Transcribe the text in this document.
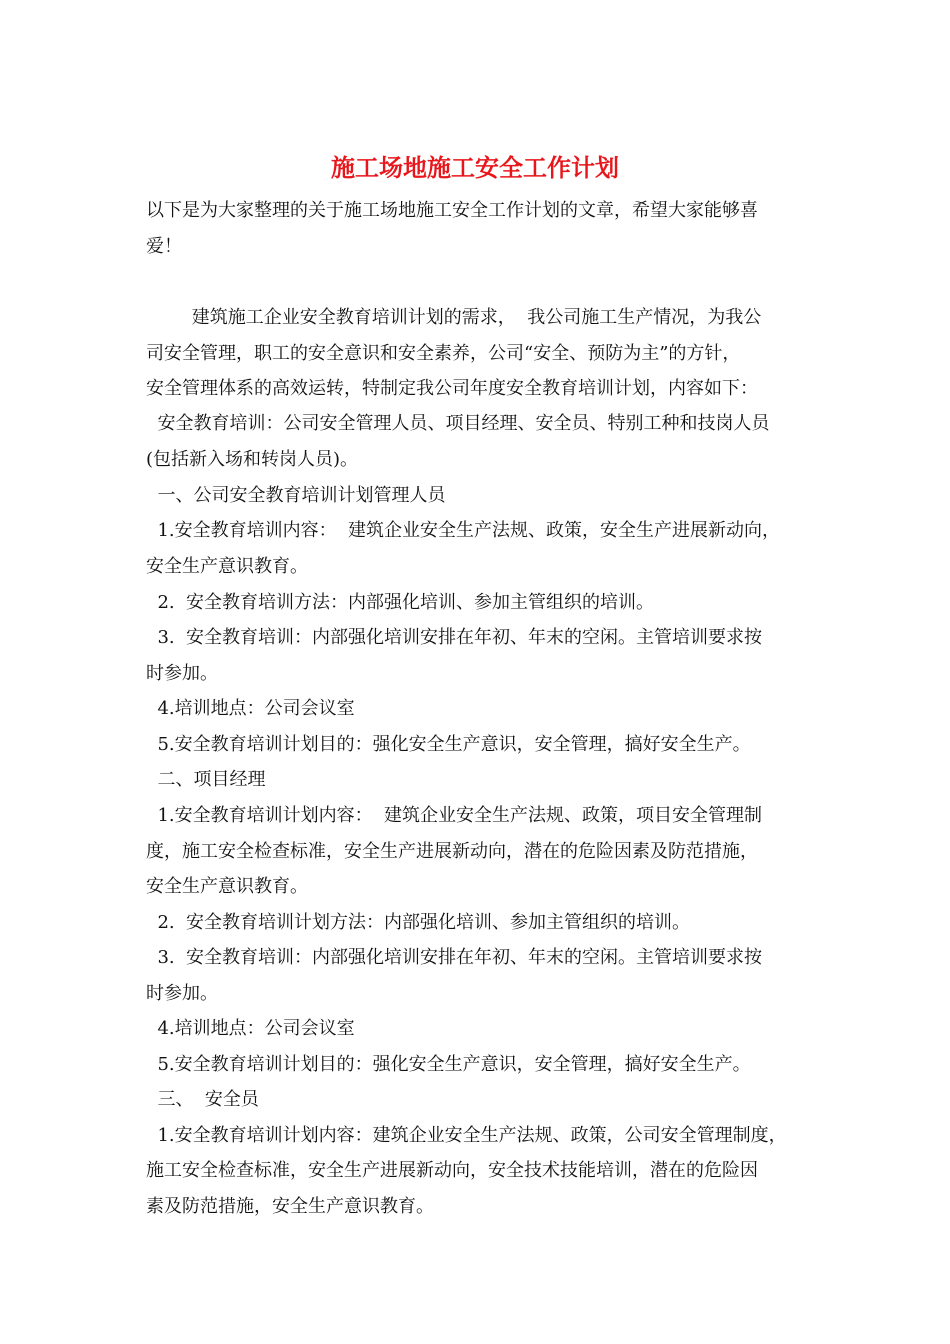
施工场地施工安全工作计划
以下是为大家整理的关于施工场地施工安全工作计划的文章，希望大家能够喜
爱！
建筑施工企业安全教育培训计划的需求，  我公司施工生产情况，为我公
司安全管理，职工的安全意识和安全素养，公司“安全、预防为主”的方针，
安全管理体系的高效运转，特制定我公司年度安全教育培训计划，内容如下：
安全教育培训：公司安全管理人员、项目经理、安全员、特别工种和技岗人员
(包括新入场和转岗人员)。
一、公司安全教育培训计划管理人员
1.安全教育培训内容：  建筑企业安全生产法规、政策，安全生产进展新动向，
安全生产意识教育。
2.  安全教育培训方法：内部强化培训、参加主管组织的培训。
3.  安全教育培训：内部强化培训安排在年初、年末的空闲。主管培训要求按
时参加。
4.培训地点：公司会议室
5.安全教育培训计划目的：强化安全生产意识，安全管理，搞好安全生产。
二、项目经理
1.安全教育培训计划内容：  建筑企业安全生产法规、政策，项目安全管理制
度，施工安全检查标准，安全生产进展新动向，潜在的危险因素及防范措施，
安全生产意识教育。
2.  安全教育培训计划方法：内部强化培训、参加主管组织的培训。
3.  安全教育培训：内部强化培训安排在年初、年末的空闲。主管培训要求按
时参加。
4.培训地点：公司会议室
5.安全教育培训计划目的：强化安全生产意识，安全管理，搞好安全生产。
三、  安全员
1.安全教育培训计划内容：建筑企业安全生产法规、政策，公司安全管理制度，
施工安全检查标准，安全生产进展新动向，安全技术技能培训，潜在的危险因
素及防范措施，安全生产意识教育。
